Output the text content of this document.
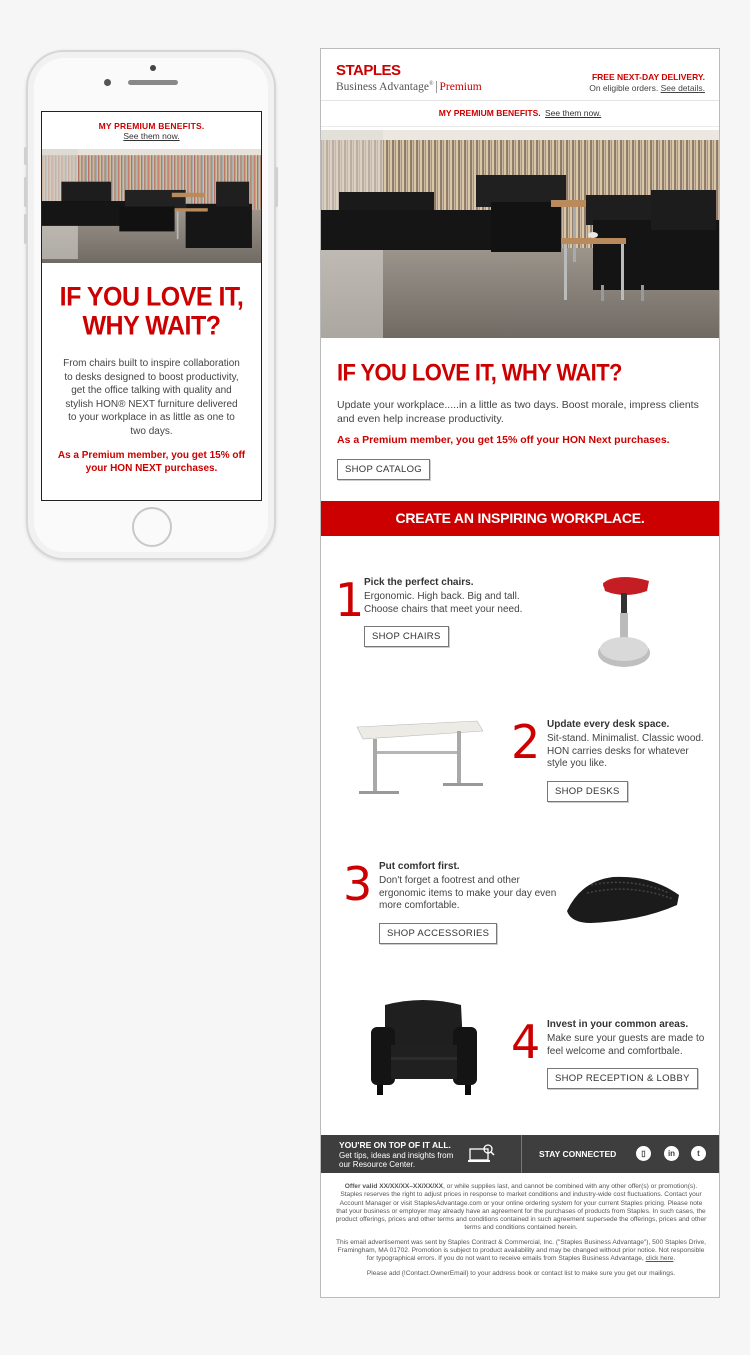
MY PREMIUM BENEFITS.
See them now.
IF YOU LOVE IT,
WHY WAIT?
From chairs built to inspire collaboration to desks designed to boost productivity, get the office talking with quality and stylish HON® NEXT furniture delivered to your workplace in as little as one to two days.
As a Premium member, you get 15% off your HON NEXT purchases.
STAPLES
Business Advantage® Premium
FREE NEXT-DAY DELIVERY.
On eligible orders. See details.
MY PREMIUM BENEFITS. See them now.
IF YOU LOVE IT, WHY WAIT?
Update your workplace.....in a little as two days. Boost morale, impress clients and even help increase productivity.
As a Premium member, you get 15% off your HON Next purchases.
SHOP CATALOG
CREATE AN INSPIRING WORKPLACE.
1 Pick the perfect chairs.
Ergonomic. High back. Big and tall. Choose chairs that meet your need.
SHOP CHAIRS
2 Update every desk space.
Sit-stand. Minimalist. Classic wood. HON carries desks for whatever style you like.
SHOP DESKS
3 Put comfort first.
Don't forget a footrest and other ergonomic items to make your day even more comfortable.
SHOP ACCESSORIES
4 Invest in your common areas.
Make sure your guests are made to feel welcome and comfortbale.
SHOP RECEPTION & LOBBY
YOU'RE ON TOP OF IT ALL.
Get tips, ideas and insights from our Resource Center.
STAY CONNECTED	▯	in	t

Offer valid XX/XX/XX–XX/XX/XX, or while supplies last, and cannot be combined with any other offer(s) or promotion(s). Staples reserves the right to adjust prices in response to market conditions and industry-wide cost fluctuations. Contact your Account Manager or visit StaplesAdvantage.com or your online ordering system for your current Staples pricing. Please note that your business or employer may already have an agreement for the purchases of products from Staples. In such cases, the product offerings, prices and other terms and conditions contained in such agreement supersede the offerings, prices and other terms and conditions contained herein.

This email advertisement was sent by Staples Contract & Commercial, Inc. ("Staples Business Advantage"), 500 Staples Drive, Framingham, MA 01702. Promotion is subject to product availability and may be changed without prior notice. Not responsible for typographical errors. If you do not want to receive emails from Staples Business Advantage, click here.

Please add {!Contact.OwnerEmail} to your address book or contact list to make sure you get our mailings.
